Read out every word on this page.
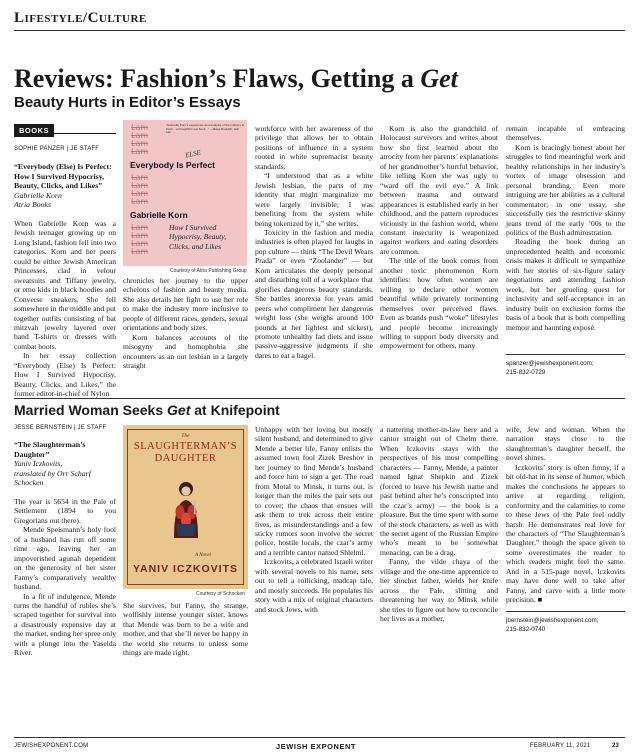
Lifestyle/Culture
Reviews: Fashion’s Flaws, Getting a Get
Beauty Hurts in Editor’s Essays
BOOKS
SOPHIE PANZER | JE STAFF
“Everybody (Else) Is Perfect: How I Survived Hypocrisy, Beauty, Clicks, and Likes”
Gabrielle Korn
Atria Books

When Gabrielle Korn was a Jewish teenager growing up on Long Island, fashion fell into two categories. Korn and her peers could be either Jewish American Princesses, clad in velour sweatsuits and Tiffany jewelry, or emo kids in black hoodies and Converse sneakers. She fell somewhere in the middle and put together outfits consisting of bat mitzvah jewelry layered over band T-shirts or dresses with combat boots.

In her essay collection “Everybody (Else) Is Perfect: How I Survived Hypocrisy, Beauty, Clicks, and Likes,” the former editor-in-chief of Nylon

Lam
Lam
Lam
Lam
“Gabrielle Korn’s experience and analysis of the industry is fresh... a thoughtful new book...” —Maya Rudolph, Hair Lab
ELSE
Everybody Is Perfect
Lam
Lam
Lam
Lam
Gabrielle Korn
Lam
Lam
Lam
Lam
How I Survived Hypocrisy, Beauty, Clicks, and Likes
Courtesy of Atria Publishing Group

chronicles her journey to the upper echelons of fashion and beauty media. She also details her fight to use her role to make the industry more inclusive to people of different races, genders, sexual orientations and body sizes.

Korn balances accounts of the misogyny and homophobia she encounters as an out lesbian in a largely straight

workforce with her awareness of the privilege that allows her to obtain positions of influence in a system rooted in white supremacist beauty standards.

“I understood that as a white Jewish lesbian, the parts of my identity that might marginalize me were largely invisible; I was benefiting from the system while being tokenized by it,” she writes.

Toxicity in the fashion and media industries is often played for laughs in pop culture — think “The Devil Wears Prada” or even “Zoolander” — but Korn articulates the deeply personal and disturbing toll of a workplace that glorifies dangerous beauty standards. She battles anorexia for years amid peers who compliment her dangerous weight loss (she weighs around 100 pounds at her lightest and sickest), promote unhealthy fad diets and issue passive-aggressive judgments if she dares to eat a bagel.

Korn is also the grandchild of Holocaust survivors and writes about how she first learned about the atrocity from her parents’ explanations of her grandmother’s hurtful behavior, like telling Korn she was ugly to “ward off the evil eye.” A link between trauma and outward appearances is established early in her childhood, and the pattern reproduces viciously in the fashion world, where constant insecurity is weaponized against workers and eating disorders are common.

The title of the book comes from another toxic phenomenon Korn identifies: how often women are willing to declare other women beautiful while privately tormenting themselves over perceived flaws. Even as brands push “woke” lifestyles and people become increasingly willing to support body diversity and empowerment for others, many

remain incapable of embracing themselves.

Korn is bracingly honest about her struggles to find meaningful work and healthy relationships in her industry’s vortex of image obsession and personal branding. Even more intriguing are her abilities as a cultural commentator; in one essay, she successfully ties the restrictive skinny jeans trend of the early ’00s to the politics of the Bush administration.

Reading the book during an unprecedented health and economic crisis makes it difficult to sympathize with her stories of six-figure salary negotiations and attending fashion week, but her grueling quest for inclusivity and self-acceptance in an industry built on exclusion forms the basis of a book that is both compelling memoir and haunting exposé.

spanzer@jewishexponent.com;
215-832-0729
Married Woman Seeks Get at Knifepoint
JESSE BERNSTEIN | JE STAFF
“The Slaughterman’s Daughter”
Yaniv Iczkovits,
translated by Orr Scharf
Schocken

The year is 5654 in the Pale of Settlement (1894 to you Gregorians out there).

Mende Speismann’s holy fool of a husband has run off some time ago, leaving her an impoverished agunah dependent on the generosity of her sister Fanny’s comparatively wealthy husband.

In a fit of indulgence, Mende turns the handful of rubles she’s scraped together for survival into a disastrously expensive day at the market, ending her spree only with a plunge into the Yaselda River.

The
SLAUGHTERMAN’S
DAUGHTER
A Novel
YANIV ICZKOVITS
Courtesy of Schocken

She survives, but Fanny, the strange, wolfishly intense younger sister, knows that Mende was born to be a wife and mother, and that she’ll never be happy in the world she returns to unless some things are made right.

Unhappy with her loving but mostly silent husband, and determined to give Mende a better life, Fanny enlists the assumed town fool Zizek Breshov in her journey to find Mende’s husband and force him to sign a get. The road from Motal to Minsk, it turns out, is longer than the miles the pair sets out to cover; the chaos that ensues will ask them to trek across their entire lives, as misunderstandings and a few sticky rumors soon involve the secret police, hostile locals, the czar’s army and a terrible cantor named Shlelml.

Iczkovits, a celebrated Israeli writer with several novels to his name, sets out to tell a rollicking, madcap tale, and mostly succeeds. He populates his story with a mix of original characters and stock Jews, with

a nattering mother-in-law here and a cantor straight out of Chelm there. When Iczkovits stays with the perspectives of his most compelling characters — Fanny, Mende, a painter named Ignat Shepkin and Zizek (forced to leave his Jewish name and past behind after he’s conscripted into the czar’s army) — the book is a pleasure. But the time spent with some of the stock characters, as well as with the secret agent of the Russian Empire who’s meant to be somewhat menacing, can be a drag.

Fanny, the vilde chaya of the village and the one-time apprentice to her shochet father, wields her knife across the Pale, slitting and threatening her way to Minsk while she tries to figure out how to reconcile her lives as a mother,

wife, Jew and woman. When the narration stays close to the slaughterman’s daughter herself, the novel shines.

Iczkovits’ story is often funny, if a bit old-hat in its sense of humor, which makes the conclusions he appears to arrive at regarding religion, conformity and the calamities to come to these Jews of the Pale feel oddly harsh. He demonstrates real love for the characters of “The Slaughterman’s Daughter,” though the space given to some overestimates the reader to which readers might feel the same. And in a 515-page novel, Iczkovits may have done well to take after Fanny, and carve with a little more precision. ■

jbernstein@jewishexponent.com;
215-832-0740
JEWISHEXPONENT.COM	JEWISH EXPONENT	FEBRUARY 11, 2021	23
